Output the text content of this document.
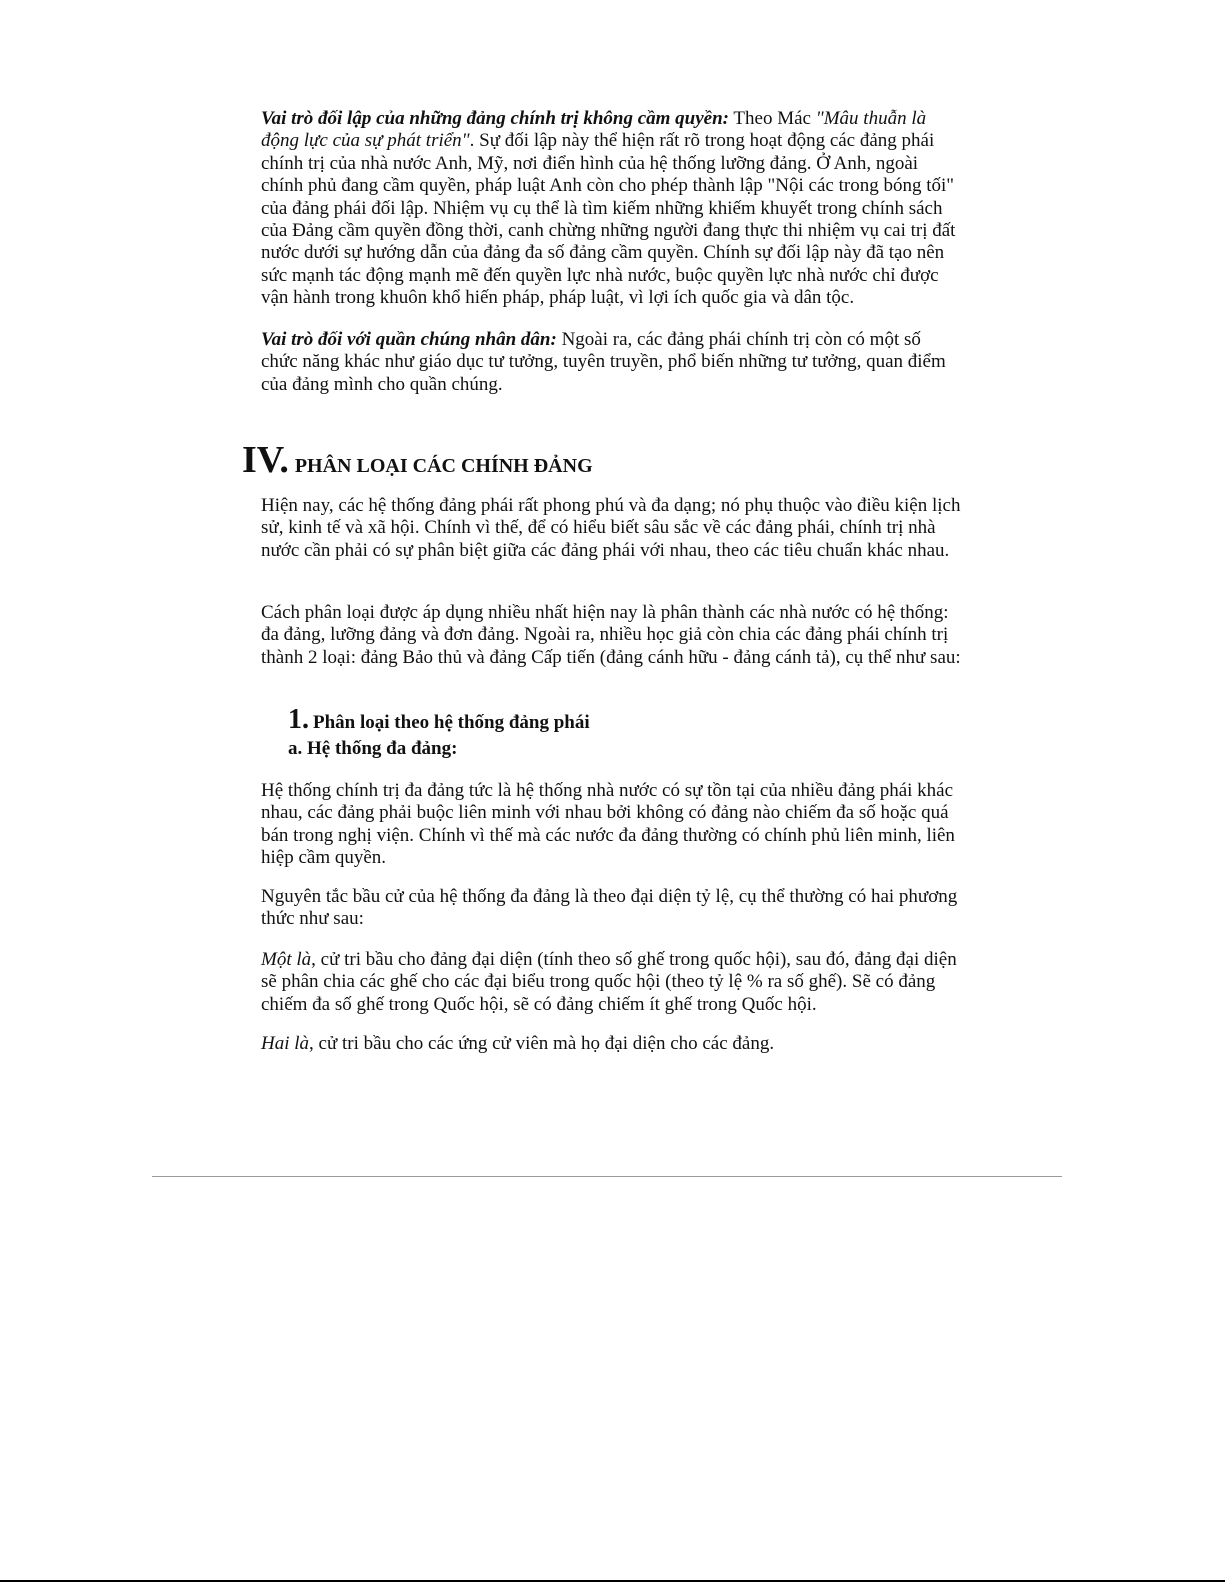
Vai trò đối lập của những đảng chính trị không cầm quyền: Theo Mác "Mâu thuẫn là động lực của sự phát triển". Sự đối lập này thể hiện rất rõ trong hoạt động các đảng phái chính trị của nhà nước Anh, Mỹ, nơi điển hình của hệ thống lưỡng đảng. Ở Anh, ngoài chính phủ đang cầm quyền, pháp luật Anh còn cho phép thành lập "Nội các trong bóng tối" của đảng phái đối lập. Nhiệm vụ cụ thể là tìm kiếm những khiếm khuyết trong chính sách của Đảng cầm quyền đồng thời, canh chừng những người đang thực thi nhiệm vụ cai trị đất nước dưới sự hướng dẫn của đảng đa số đảng cầm quyền. Chính sự đối lập này đã tạo nên sức mạnh tác động mạnh mẽ đến quyền lực nhà nước, buộc quyền lực nhà nước chỉ được vận hành trong khuôn khổ hiến pháp, pháp luật, vì lợi ích quốc gia và dân tộc.

Vai trò đối với quần chúng nhân dân: Ngoài ra, các đảng phái chính trị còn có một số chức năng khác như giáo dục tư tưởng, tuyên truyền, phổ biến những tư tưởng, quan điểm của đảng mình cho quần chúng.

IV. PHÂN LOẠI CÁC CHÍNH ĐẢNG

Hiện nay, các hệ thống đảng phái rất phong phú và đa dạng; nó phụ thuộc vào điều kiện lịch sử, kinh tế và xã hội. Chính vì thế, để có hiểu biết sâu sắc về các đảng phái, chính trị nhà nước cần phải có sự phân biệt giữa các đảng phái với nhau, theo các tiêu chuẩn khác nhau.

Cách phân loại được áp dụng nhiều nhất hiện nay là phân thành các nhà nước có hệ thống: đa đảng, lưỡng đảng và đơn đảng. Ngoài ra, nhiều học giả còn chia các đảng phái chính trị thành 2 loại: đảng Bảo thủ và đảng Cấp tiến (đảng cánh hữu - đảng cánh tả), cụ thể như sau:

1. Phân loại theo hệ thống đảng phái
a. Hệ thống đa đảng:

Hệ thống chính trị đa đảng tức là hệ thống nhà nước có sự tồn tại của nhiều đảng phái khác nhau, các đảng phải buộc liên minh với nhau bởi không có đảng nào chiếm đa số hoặc quá bán trong nghị viện. Chính vì thế mà các nước đa đảng thường có chính phủ liên minh, liên hiệp cầm quyền.

Nguyên tắc bầu cử của hệ thống đa đảng là theo đại diện tỷ lệ, cụ thể thường có hai phương thức như sau:

Một là, cử tri bầu cho đảng đại diện (tính theo số ghế trong quốc hội), sau đó, đảng đại diện sẽ phân chia các ghế cho các đại biểu trong quốc hội (theo tỷ lệ % ra số ghế). Sẽ có đảng chiếm đa số ghế trong Quốc hội, sẽ có đảng chiếm ít ghế trong Quốc hội.

Hai là, cử tri bầu cho các ứng cử viên mà họ đại diện cho các đảng.
